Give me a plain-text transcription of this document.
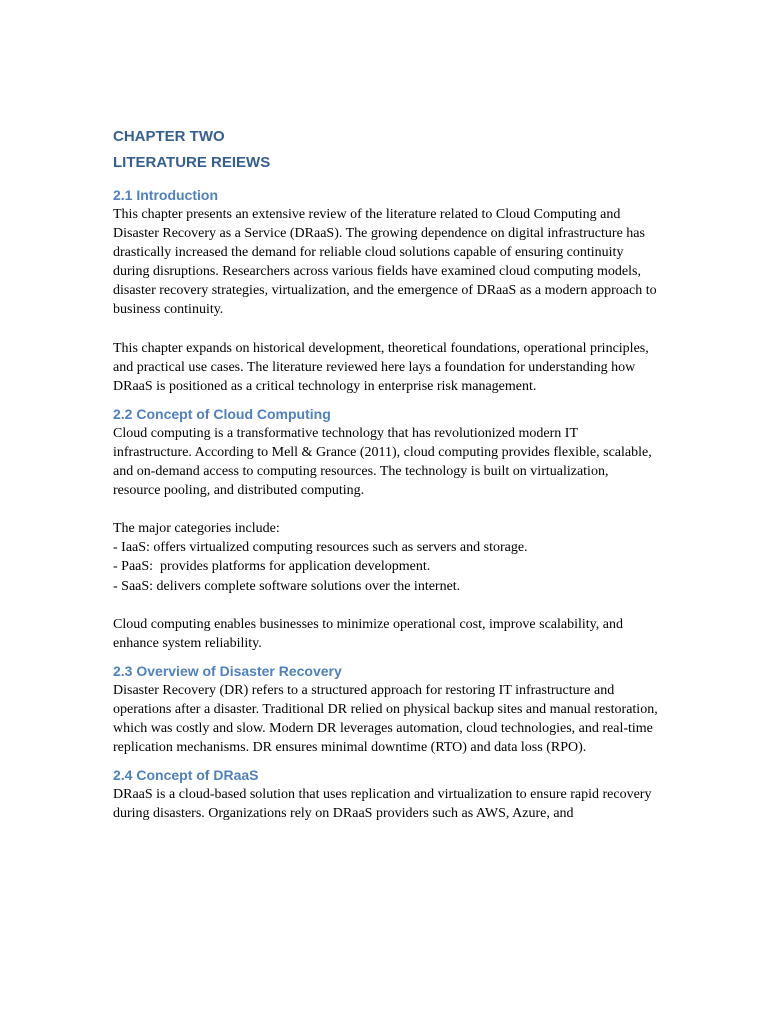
CHAPTER TWO
LITERATURE REIEWS
2.1 Introduction

This chapter presents an extensive review of the literature related to Cloud Computing and Disaster Recovery as a Service (DRaaS). The growing dependence on digital infrastructure has drastically increased the demand for reliable cloud solutions capable of ensuring continuity during disruptions. Researchers across various fields have examined cloud computing models, disaster recovery strategies, virtualization, and the emergence of DRaaS as a modern approach to business continuity.

This chapter expands on historical development, theoretical foundations, operational principles, and practical use cases. The literature reviewed here lays a foundation for understanding how DRaaS is positioned as a critical technology in enterprise risk management.

2.2 Concept of Cloud Computing

Cloud computing is a transformative technology that has revolutionized modern IT infrastructure. According to Mell & Grance (2011), cloud computing provides flexible, scalable, and on-demand access to computing resources. The technology is built on virtualization, resource pooling, and distributed computing.

The major categories include:

- IaaS: offers virtualized computing resources such as servers and storage.
- PaaS:  provides platforms for application development.
- SaaS: delivers complete software solutions over the internet.

Cloud computing enables businesses to minimize operational cost, improve scalability, and enhance system reliability.

2.3 Overview of Disaster Recovery

Disaster Recovery (DR) refers to a structured approach for restoring IT infrastructure and operations after a disaster. Traditional DR relied on physical backup sites and manual restoration, which was costly and slow. Modern DR leverages automation, cloud technologies, and real-time replication mechanisms. DR ensures minimal downtime (RTO) and data loss (RPO).

2.4 Concept of DRaaS

DRaaS is a cloud-based solution that uses replication and virtualization to ensure rapid recovery during disasters. Organizations rely on DRaaS providers such as AWS, Azure, and
